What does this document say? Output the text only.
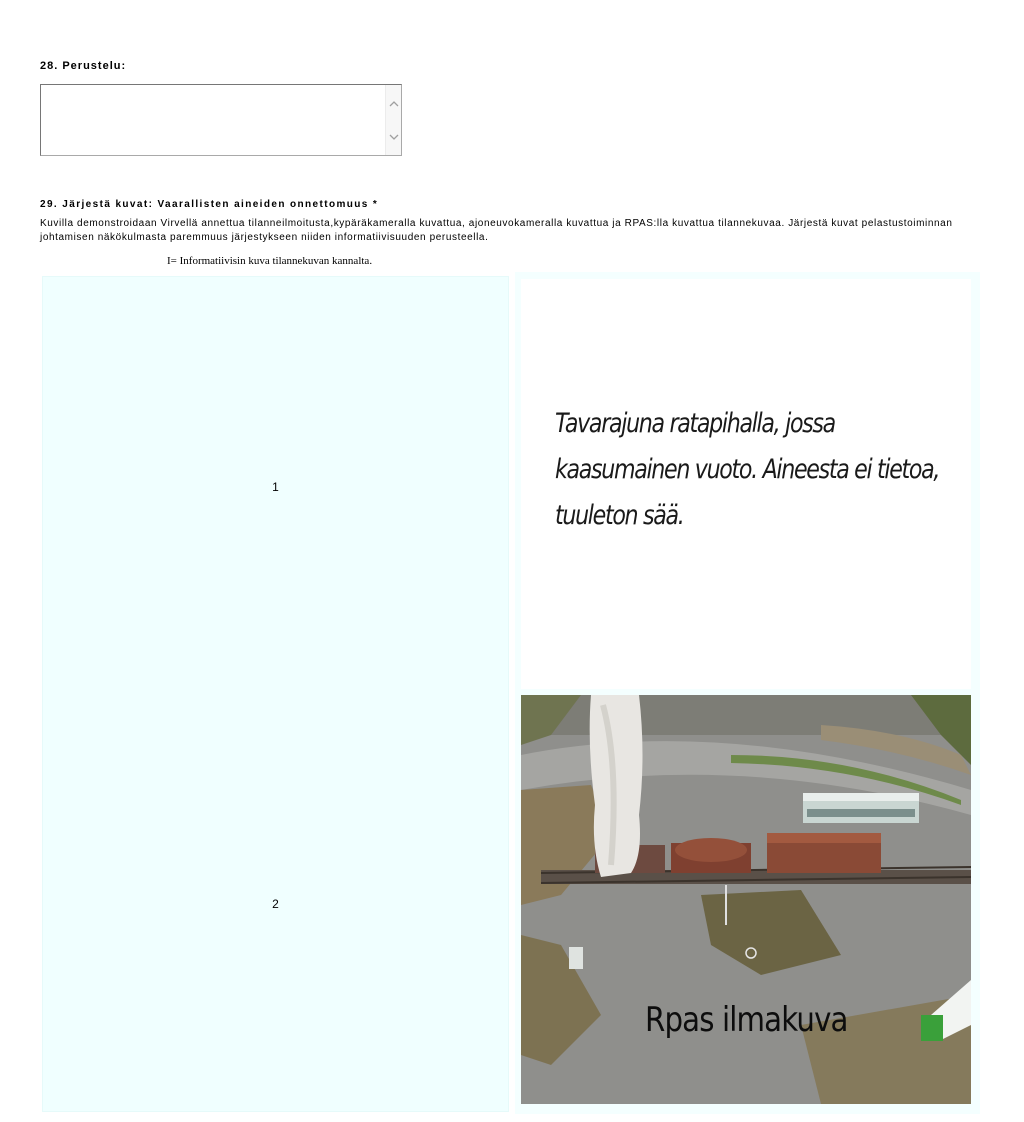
28. Perustelu:
29. Järjestä kuvat: Vaarallisten aineiden onnettomuus *
Kuvilla demonstroidaan Virvellä annettua tilanneilmoitusta,kypäräkameralla kuvattua, ajoneuvokameralla kuvattua ja RPAS:lla kuvattua tilannekuvaa. Järjestä kuvat pelastustoiminnan johtamisen näkökulmasta paremmuus järjestykseen niiden informatiivisuuden perusteella.
I= Informatiivisin kuva tilannekuvan kannalta.
1
2
Tavarajuna ratapihalla, jossa kaasumainen vuoto. Aineesta ei tietoa, tuuleton sää.
Rpas ilmakuva
